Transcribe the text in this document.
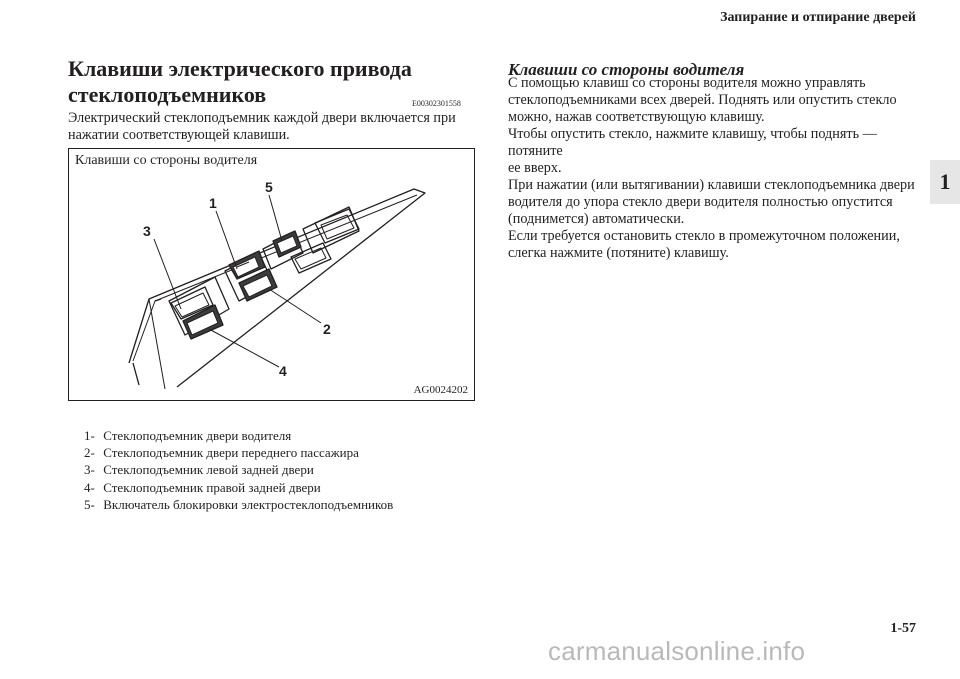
Запирание и отпирание дверей
1
Клавиши электрического привода стеклоподъемников	E00302301558
Электрический стеклоподъемник каждой двери включается при нажатии соответствующей клавиши.
Клавиши со стороны водителя
1
5
3
2
4
AG0024202
1- Стеклоподъемник двери водителя
2- Стеклоподъемник двери переднего пассажира
3- Стеклоподъемник левой задней двери
4- Стеклоподъемник правой задней двери
5- Включатель блокировки электростеклоподъемников
Клавиши со стороны водителя

С помощью клавиш со стороны водителя можно управлять

стеклоподъемниками всех дверей. Поднять или опустить стекло

можно, нажав соответствующую клавишу.

Чтобы опустить стекло, нажмите клавишу, чтобы поднять — потяните

ее вверх.

При нажатии (или вытягивании) клавиши стеклоподъемника двери

водителя до упора стекло двери водителя полностью опустится

(поднимется) автоматически.

Если требуется остановить стекло в промежуточном положении,

слегка нажмите (потяните) клавишу.

1-57
carmanualsonline.info
